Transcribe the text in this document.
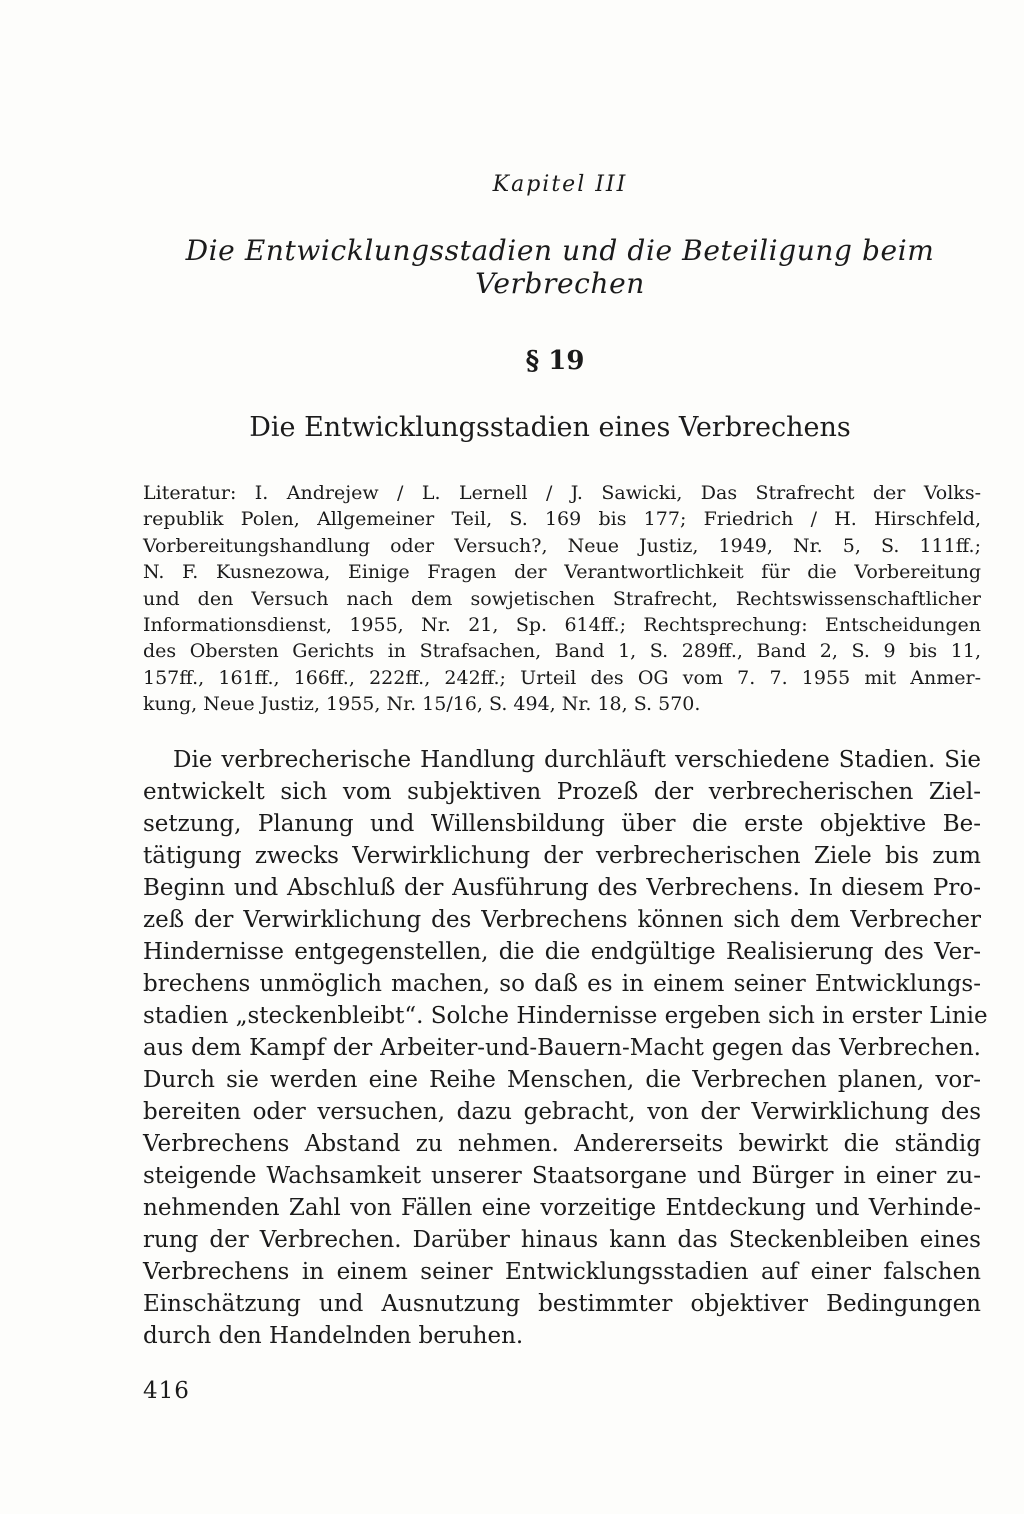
Kapitel III
Die Entwicklungsstadien und die Beteiligung beim Verbrechen
§ 19
Die Entwicklungsstadien eines Verbrechens
Literatur: I. Andrejew / L. Lernell / J. Sawicki, Das Strafrecht der Volks-
republik Polen, Allgemeiner Teil, S. 169 bis 177; Friedrich / H. Hirschfeld,
Vorbereitungshandlung oder Versuch?, Neue Justiz, 1949, Nr. 5, S. 111ff.;
N. F. Kusnezowa, Einige Fragen der Verantwortlichkeit für die Vorbereitung
und den Versuch nach dem sowjetischen Strafrecht, Rechtswissenschaftlicher
Informationsdienst, 1955, Nr. 21, Sp. 614ff.; Rechtsprechung: Entscheidungen
des Obersten Gerichts in Strafsachen, Band 1, S. 289ff., Band 2, S. 9 bis 11,
157ff., 161ff., 166ff., 222ff., 242ff.; Urteil des OG vom 7. 7. 1955 mit Anmer-
kung, Neue Justiz, 1955, Nr. 15/16, S. 494, Nr. 18, S. 570.
Die verbrecherische Handlung durchläuft verschiedene Stadien. Sie
entwickelt sich vom subjektiven Prozeß der verbrecherischen Ziel-
setzung, Planung und Willensbildung über die erste objektive Be-
tätigung zwecks Verwirklichung der verbrecherischen Ziele bis zum
Beginn und Abschluß der Ausführung des Verbrechens. In diesem Pro-
zeß der Verwirklichung des Verbrechens können sich dem Verbrecher
Hindernisse entgegenstellen, die die endgültige Realisierung des Ver-
brechens unmöglich machen, so daß es in einem seiner Entwicklungs-
stadien „steckenbleibt“. Solche Hindernisse ergeben sich in erster Linie
aus dem Kampf der Arbeiter-und-Bauern-Macht gegen das Verbrechen.
Durch sie werden eine Reihe Menschen, die Verbrechen planen, vor-
bereiten oder versuchen, dazu gebracht, von der Verwirklichung des
Verbrechens Abstand zu nehmen. Andererseits bewirkt die ständig
steigende Wachsamkeit unserer Staatsorgane und Bürger in einer zu-
nehmenden Zahl von Fällen eine vorzeitige Entdeckung und Verhinde-
rung der Verbrechen. Darüber hinaus kann das Steckenbleiben eines
Verbrechens in einem seiner Entwicklungsstadien auf einer falschen
Einschätzung und Ausnutzung bestimmter objektiver Bedingungen
durch den Handelnden beruhen.
416
